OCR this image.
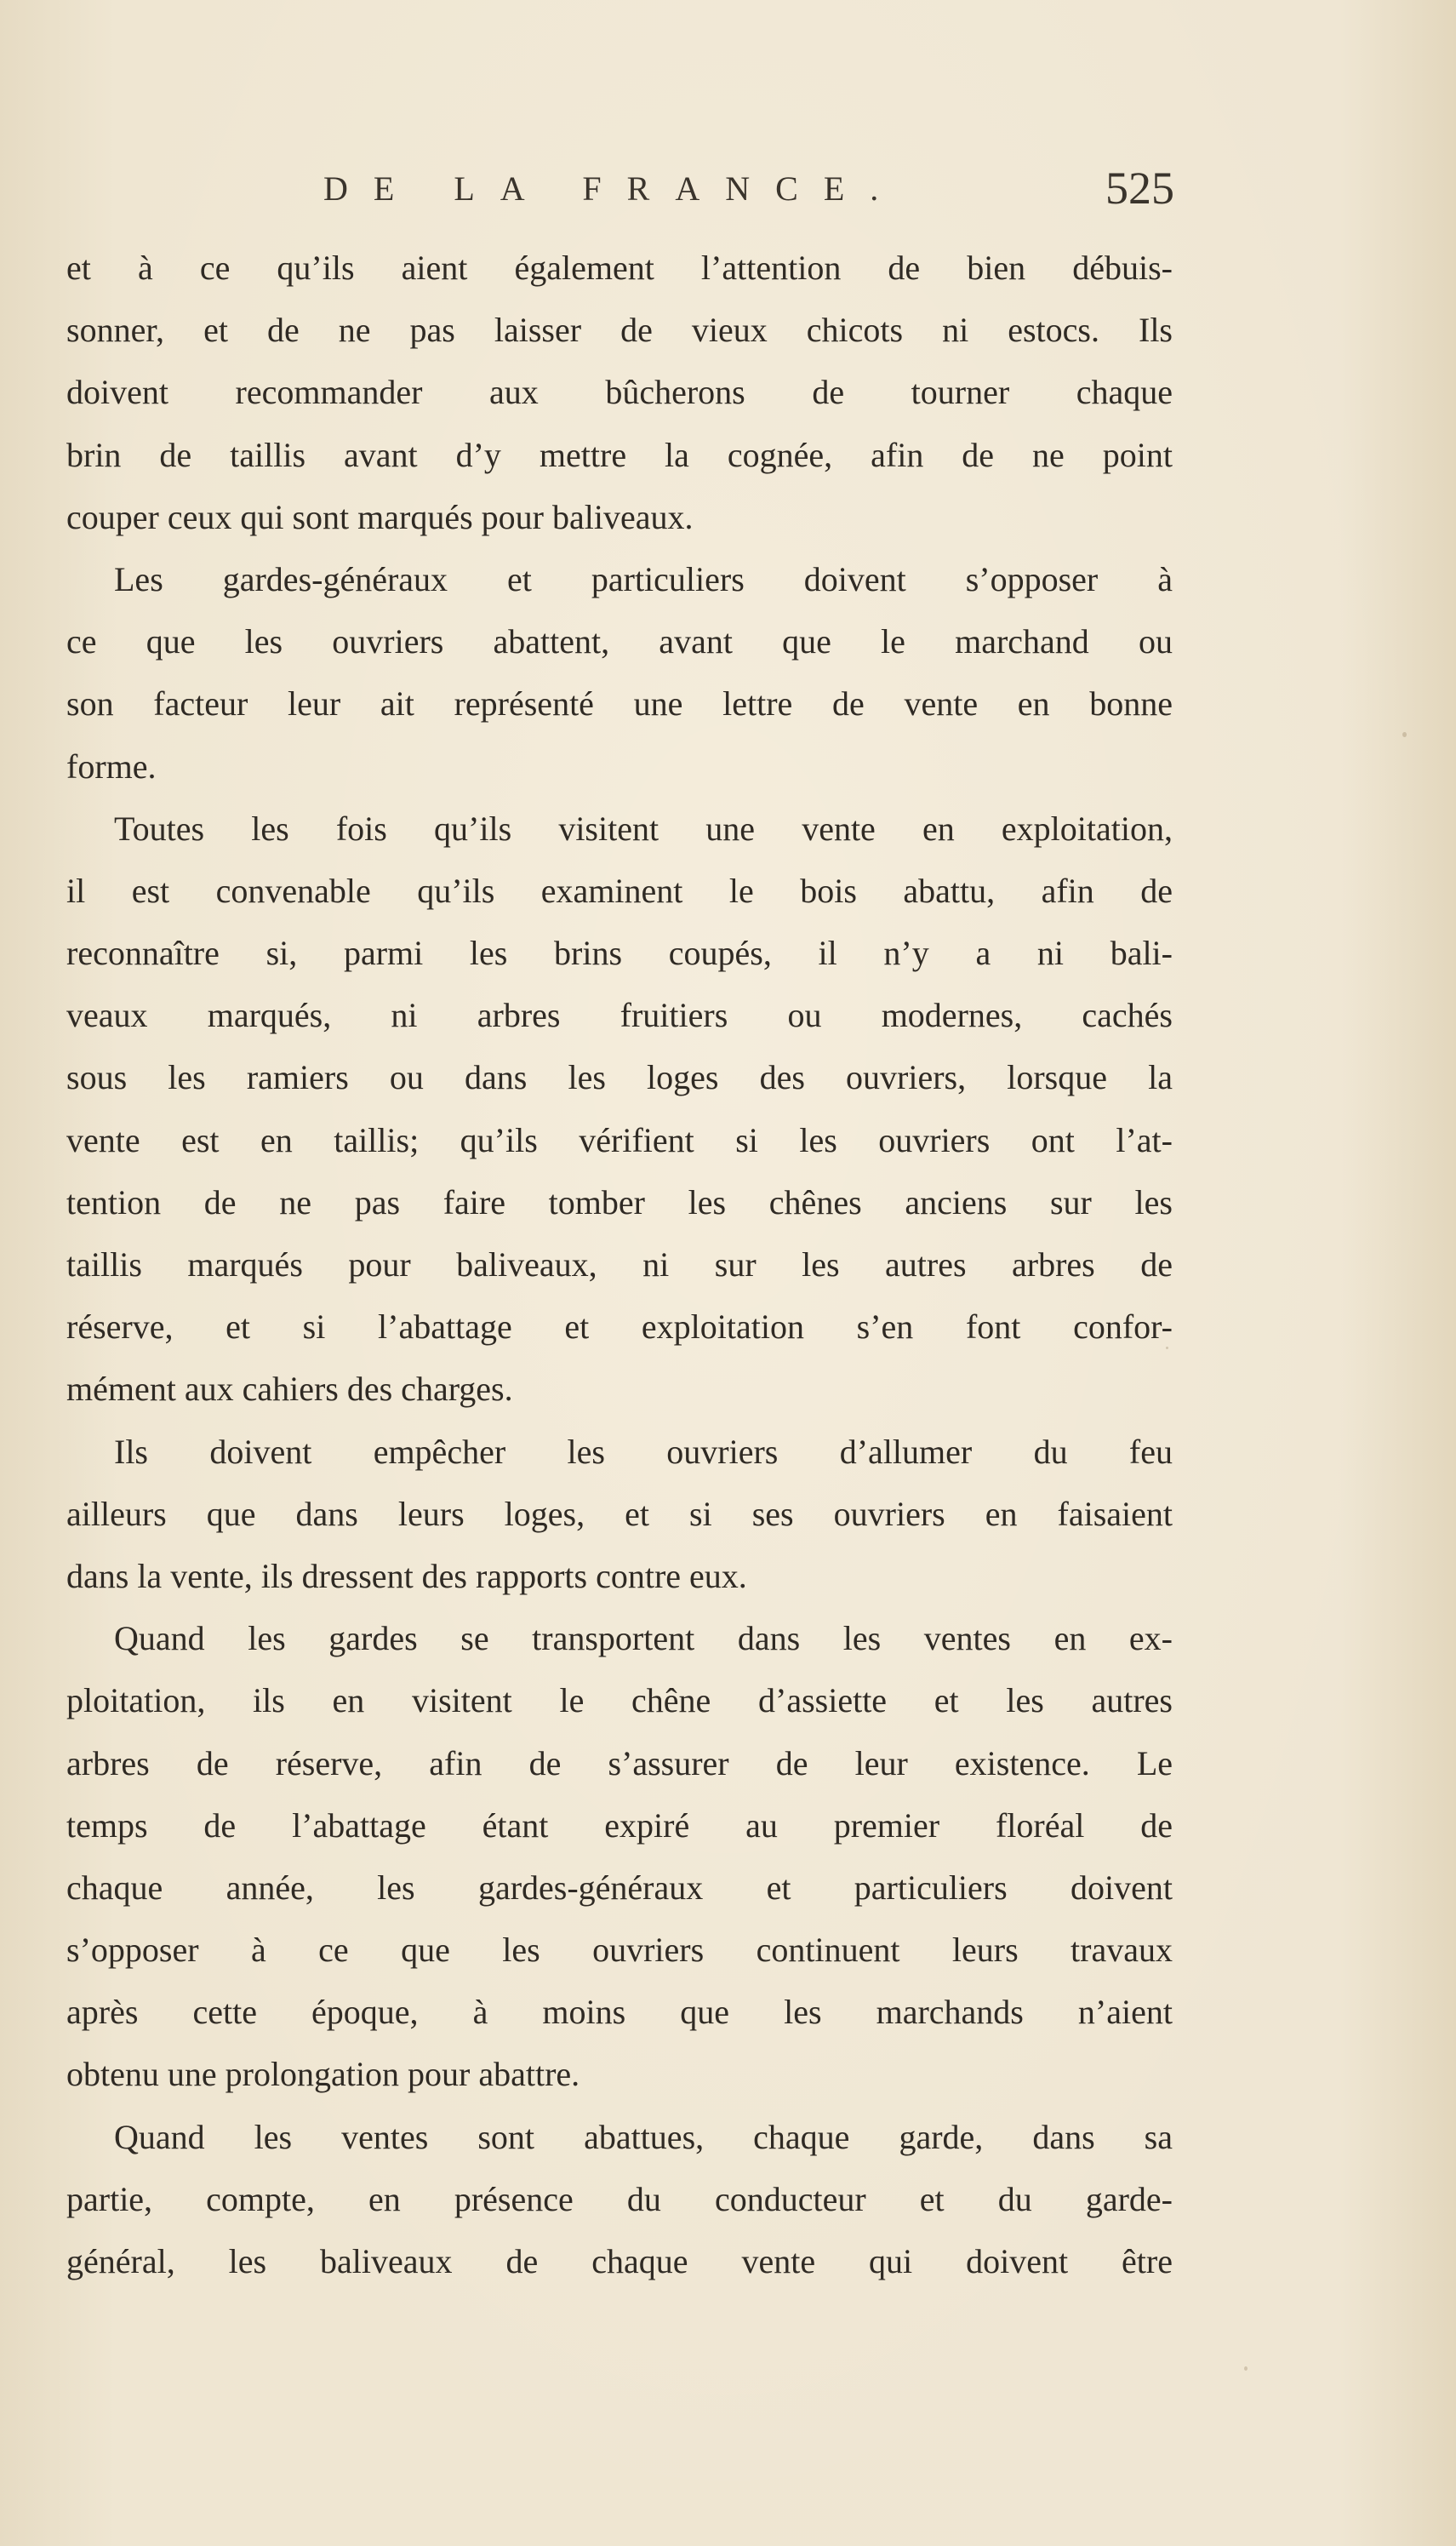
DE LA FRANCE.	525
et à ce qu’ils aient également l’attention de bien débuis-
sonner, et de ne pas laisser de vieux chicots ni estocs. Ils
doivent recommander aux bûcherons de tourner chaque
brin de taillis avant d’y mettre la cognée, afin de ne point
couper ceux qui sont marqués pour baliveaux.
Les gardes-généraux et particuliers doivent s’opposer à
ce que les ouvriers abattent, avant que le marchand ou
son facteur leur ait représenté une lettre de vente en bonne
forme.
Toutes les fois qu’ils visitent une vente en exploitation,
il est convenable qu’ils examinent le bois abattu, afin de
reconnaître si, parmi les brins coupés, il n’y a ni bali-
veaux marqués, ni arbres fruitiers ou modernes, cachés
sous les ramiers ou dans les loges des ouvriers, lorsque la
vente est en taillis; qu’ils vérifient si les ouvriers ont l’at-
tention de ne pas faire tomber les chênes anciens sur les
taillis marqués pour baliveaux, ni sur les autres arbres de
réserve, et si l’abattage et exploitation s’en font confor-
mément aux cahiers des charges.
Ils doivent empêcher les ouvriers d’allumer du feu
ailleurs que dans leurs loges, et si ses ouvriers en faisaient
dans la vente, ils dressent des rapports contre eux.
Quand les gardes se transportent dans les ventes en ex-
ploitation, ils en visitent le chêne d’assiette et les autres
arbres de réserve, afin de s’assurer de leur existence. Le
temps de l’abattage étant expiré au premier floréal de
chaque année, les gardes-généraux et particuliers doivent
s’opposer à ce que les ouvriers continuent leurs travaux
après cette époque, à moins que les marchands n’aient
obtenu une prolongation pour abattre.
Quand les ventes sont abattues, chaque garde, dans sa
partie, compte, en présence du conducteur et du garde-
général, les baliveaux de chaque vente qui doivent être
